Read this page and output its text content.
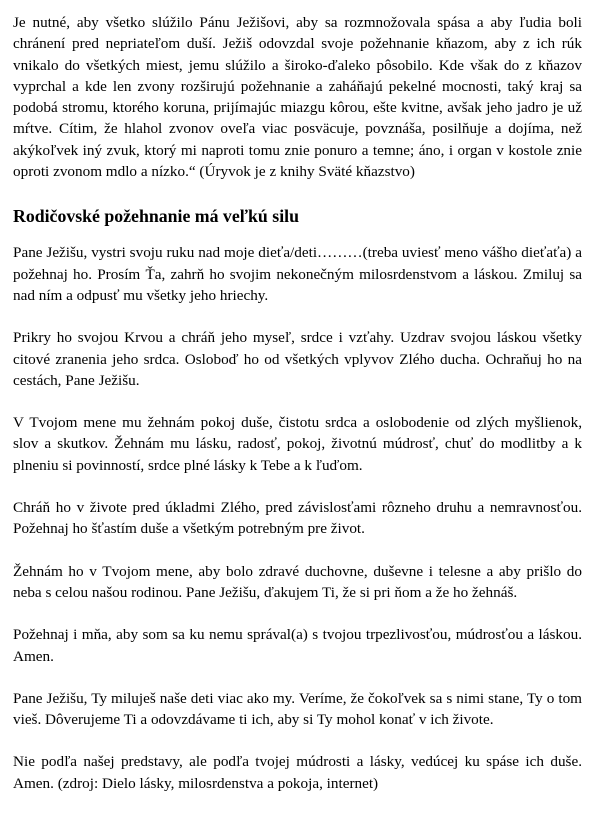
Je nutné, aby všetko slúžilo Pánu Ježišovi, aby sa rozmnožovala spása a aby ľudia boli chránení pred nepriateľom duší. Ježiš odovzdal svoje požehnanie kňazom, aby z ich rúk vnikalo do všetkých miest, jemu slúžilo a široko-ďaleko pôsobilo. Kde však do z kňazov vyprchal a kde len zvony rozširujú požehnanie a zaháňajú pekelné mocnosti, taký kraj sa podobá stromu, ktorého koruna, prijímajúc miazgu kôrou, ešte kvitne, avšak jeho jadro je už mŕtve. Cítim, že hlahol zvonov oveľa viac posväcuje, povznáša, posilňuje a dojíma, než akýkoľvek iný zvuk, ktorý mi naproti tomu znie ponuro a temne; áno, i organ v kostole znie oproti zvonom mdlo a nízko.“ (Úryvok je z knihy Sväté kňazstvo)

Rodičovské požehnanie má veľkú silu

Pane Ježišu, vystri svoju ruku nad moje dieťa/deti………(treba uviesť meno vášho dieťaťa) a požehnaj ho. Prosím Ťa, zahrň ho svojim nekonečným milosrdenstvom a láskou. Zmiluj sa nad ním a odpusť mu všetky jeho hriechy.

Prikry ho svojou Krvou a chráň jeho myseľ, srdce i vzťahy. Uzdrav svojou láskou všetky citové zranenia jeho srdca. Osloboď ho od všetkých vplyvov Zlého ducha. Ochraňuj ho na cestách, Pane Ježišu.

V Tvojom mene mu žehnám pokoj duše, čistotu srdca a oslobodenie od zlých myšlienok, slov a skutkov. Žehnám mu lásku, radosť, pokoj, životnú múdrosť, chuť do modlitby a k plneniu si povinností, srdce plné lásky k Tebe a k ľuďom.

Chráň ho v živote pred úkladmi Zlého, pred závislosťami rôzneho druhu a nemravnosťou. Požehnaj ho šťastím duše a všetkým potrebným pre život.

Žehnám ho v Tvojom mene, aby bolo zdravé duchovne, duševne i telesne a aby prišlo do neba s celou našou rodinou. Pane Ježišu, ďakujem Ti, že si pri ňom a že ho žehnáš.

Požehnaj i mňa, aby som sa ku nemu správal(a) s tvojou trpezlivosťou, múdrosťou a láskou. Amen.

Pane Ježišu, Ty miluješ naše deti viac ako my. Veríme, že čokoľvek sa s nimi stane, Ty o tom vieš. Dôverujeme Ti a odovzdávame ti ich, aby si Ty mohol konať v ich živote.

Nie podľa našej predstavy, ale podľa tvojej múdrosti a lásky, vedúcej ku spáse ich duše. Amen. (zdroj: Dielo lásky, milosrdenstva a pokoja, internet)
